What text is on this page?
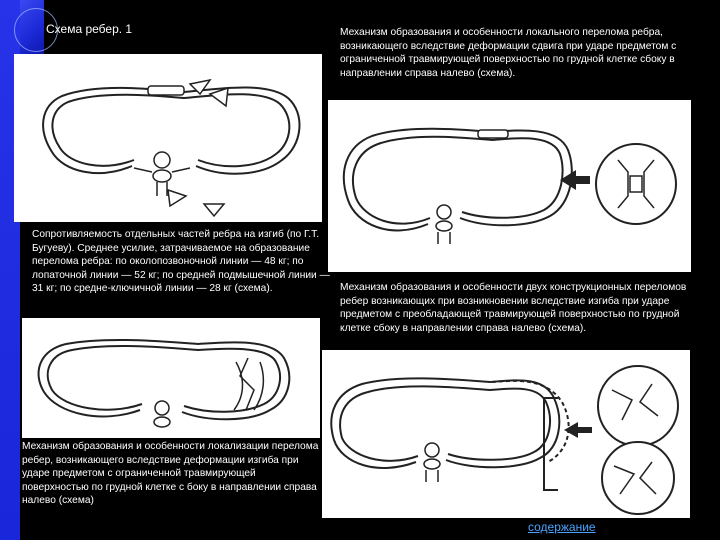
Схема ребер. 1	Механизм образования и особенности локального перелома ребра, возникающего вследствие деформации сдвига при ударе предметом с ограниченной травмирующей поверхностью по грудной клетке сбоку в направлении справа налево (схема).

Сопротивляемость отдельных частей ребра на изгиб (по Г.Т. Бугуеву). Среднее усилие, затрачиваемое на образование перелома ребра: по околопозвоночной линии — 48 кг; по лопаточной линии — 52 кг; по средней подмышечной линии — 31 кг; по средне-ключичной линии — 28 кг (схема).	Механизм образования и особенности двух конструкционных переломов ребер возникающих при возникновении вследствие изгиба при ударе предметом с преобладающей травмирующей поверхностью по грудной клетке сбоку в направлении справа налево (схема).

Механизм образования и особенности локализации перелома ребер, возникающего вследствие деформации изгиба при ударе предметом с ограниченной травмирующей поверхностью по грудной клетке с боку в направлении справа налево (схема)

содержание
